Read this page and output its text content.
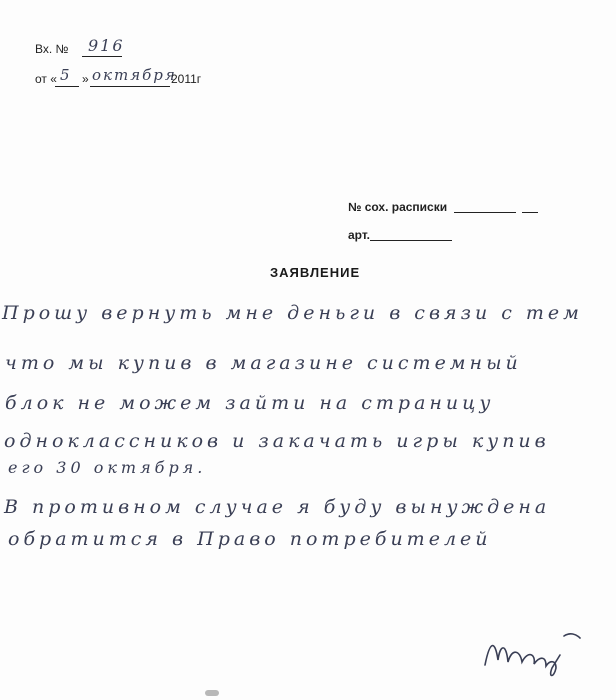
Вх. № 916
от « 5 » октября
2011г
№ сох. расписки
арт.
ЗАЯВЛЕНИЕ
Прошу вернуть мне деньги в связи с тем
что мы купив в магазине системный
блок не можем зайти на страницу
одноклассников и закачать игры купив
его 30 октября.
В противном случае я буду вынуждена
обратится в Право потребителей
